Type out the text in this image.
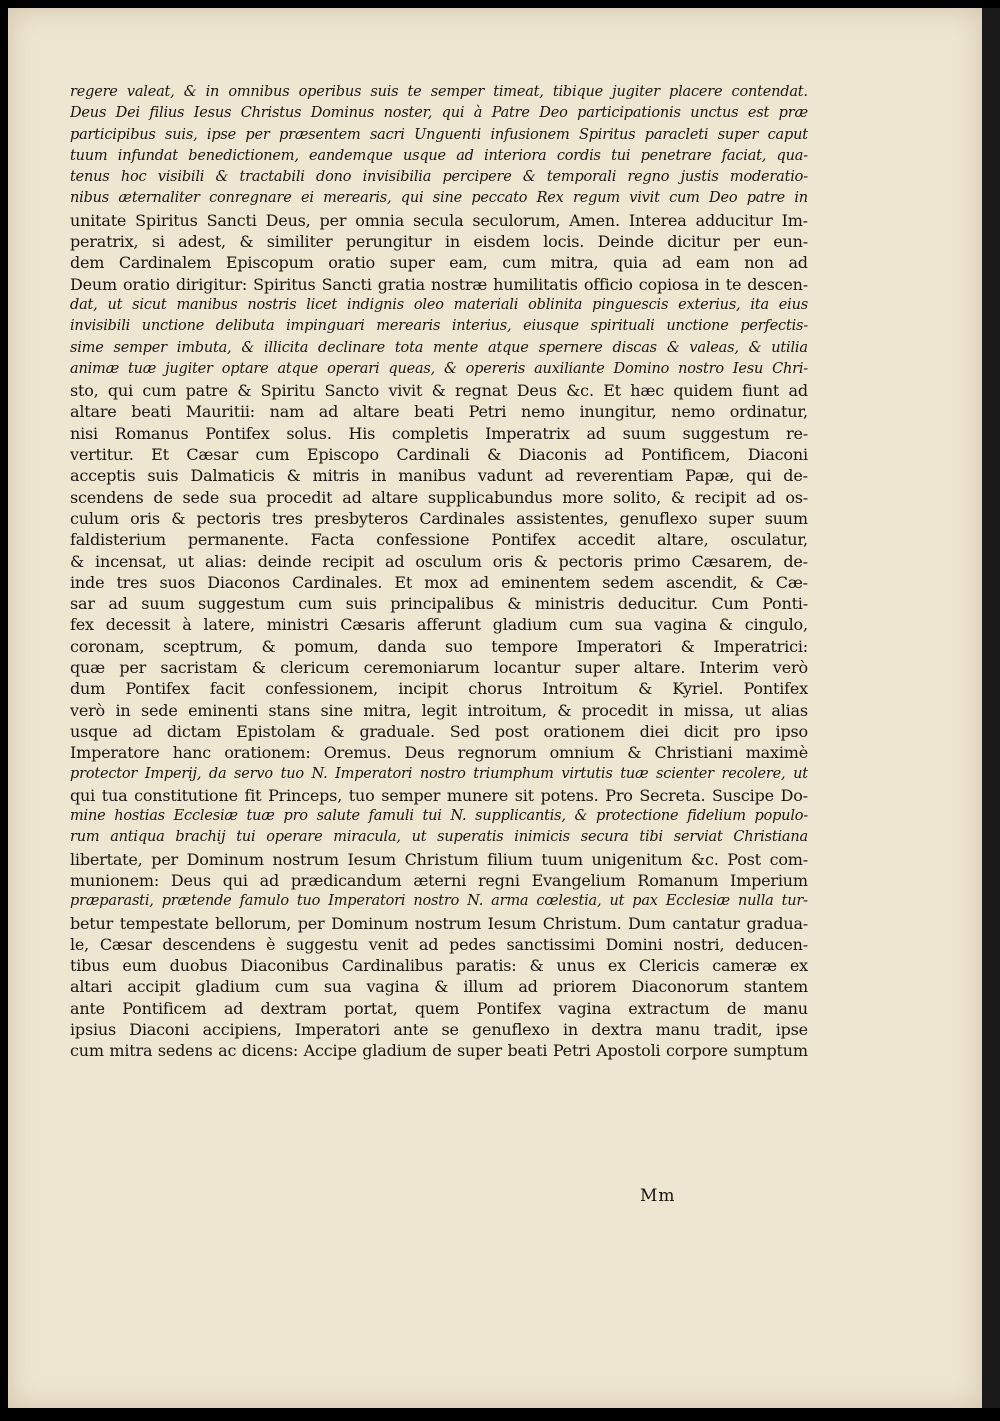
regere valeat, & in omnibus operibus suis te semper timeat, tibique jugiter placere contendat.
Deus Dei filius Iesus Christus Dominus noster, qui à Patre Deo participationis unctus est præ
participibus suis, ipse per præsentem sacri Unguenti infusionem Spiritus paracleti super caput
tuum infundat benedictionem, eandemque usque ad interiora cordis tui penetrare faciat, qua-
tenus hoc visibili & tractabili dono invisibilia percipere & temporali regno justis moderatio-
nibus æternaliter conregnare ei merearis, qui sine peccato Rex regum vivit cum Deo patre in
unitate Spiritus Sancti Deus, per omnia secula seculorum, Amen. Interea adducitur Im-
peratrix, si adest, & similiter perungitur in eisdem locis. Deinde dicitur per eun-
dem Cardinalem Episcopum oratio super eam, cum mitra, quia ad eam non ad
Deum oratio dirigitur: Spiritus Sancti gratia nostræ humilitatis officio copiosa in te descen-
dat, ut sicut manibus nostris licet indignis oleo materiali oblinita pinguescis exterius, ita eius
invisibili unctione delibuta impinguari merearis interius, eiusque spirituali unctione perfectis-
sime semper imbuta, & illicita declinare tota mente atque spernere discas & valeas, & utilia
animæ tuæ jugiter optare atque operari queas, & opereris auxiliante Domino nostro Iesu Chri-
sto, qui cum patre & Spiritu Sancto vivit & regnat Deus &c. Et hæc quidem fiunt ad
altare beati Mauritii: nam ad altare beati Petri nemo inungitur, nemo ordinatur,
nisi Romanus Pontifex solus. His completis Imperatrix ad suum suggestum re-
vertitur. Et Cæsar cum Episcopo Cardinali & Diaconis ad Pontificem, Diaconi
acceptis suis Dalmaticis & mitris in manibus vadunt ad reverentiam Papæ, qui de-
scendens de sede sua procedit ad altare supplicabundus more solito, & recipit ad os-
culum oris & pectoris tres presbyteros Cardinales assistentes, genuflexo super suum
faldisterium permanente. Facta confessione Pontifex accedit altare, osculatur,
& incensat, ut alias: deinde recipit ad osculum oris & pectoris primo Cæsarem, de-
inde tres suos Diaconos Cardinales. Et mox ad eminentem sedem ascendit, & Cæ-
sar ad suum suggestum cum suis principalibus & ministris deducitur. Cum Ponti-
fex decessit à latere, ministri Cæsaris afferunt gladium cum sua vagina & cingulo,
coronam, sceptrum, & pomum, danda suo tempore Imperatori & Imperatrici:
quæ per sacristam & clericum ceremoniarum locantur super altare. Interim verò
dum Pontifex facit confessionem, incipit chorus Introitum & Kyriel. Pontifex
verò in sede eminenti stans sine mitra, legit introitum, & procedit in missa, ut alias
usque ad dictam Epistolam & graduale. Sed post orationem diei dicit pro ipso
Imperatore hanc orationem: Oremus. Deus regnorum omnium & Christiani maximè
protector Imperij, da servo tuo N. Imperatori nostro triumphum virtutis tuæ scienter recolere, ut
qui tua constitutione fit Princeps, tuo semper munere sit potens. Pro Secreta. Suscipe Do-
mine hostias Ecclesiæ tuæ pro salute famuli tui N. supplicantis, & protectione fidelium populo-
rum antiqua brachij tui operare miracula, ut superatis inimicis secura tibi serviat Christiana
libertate, per Dominum nostrum Iesum Christum filium tuum unigenitum &c. Post com-
munionem: Deus qui ad prædicandum æterni regni Evangelium Romanum Imperium
præparasti, prætende famulo tuo Imperatori nostro N. arma cœlestia, ut pax Ecclesiæ nulla tur-
betur tempestate bellorum, per Dominum nostrum Iesum Christum. Dum cantatur gradua-
le, Cæsar descendens è suggestu venit ad pedes sanctissimi Domini nostri, deducen-
tibus eum duobus Diaconibus Cardinalibus paratis: & unus ex Clericis cameræ ex
altari accipit gladium cum sua vagina & illum ad priorem Diaconorum stantem
ante Pontificem ad dextram portat, quem Pontifex vagina extractum de manu
ipsius Diaconi accipiens, Imperatori ante se genuflexo in dextra manu tradit, ipse
cum mitra sedens ac dicens: Accipe gladium de super beati Petri Apostoli corpore sumptum
Mm
